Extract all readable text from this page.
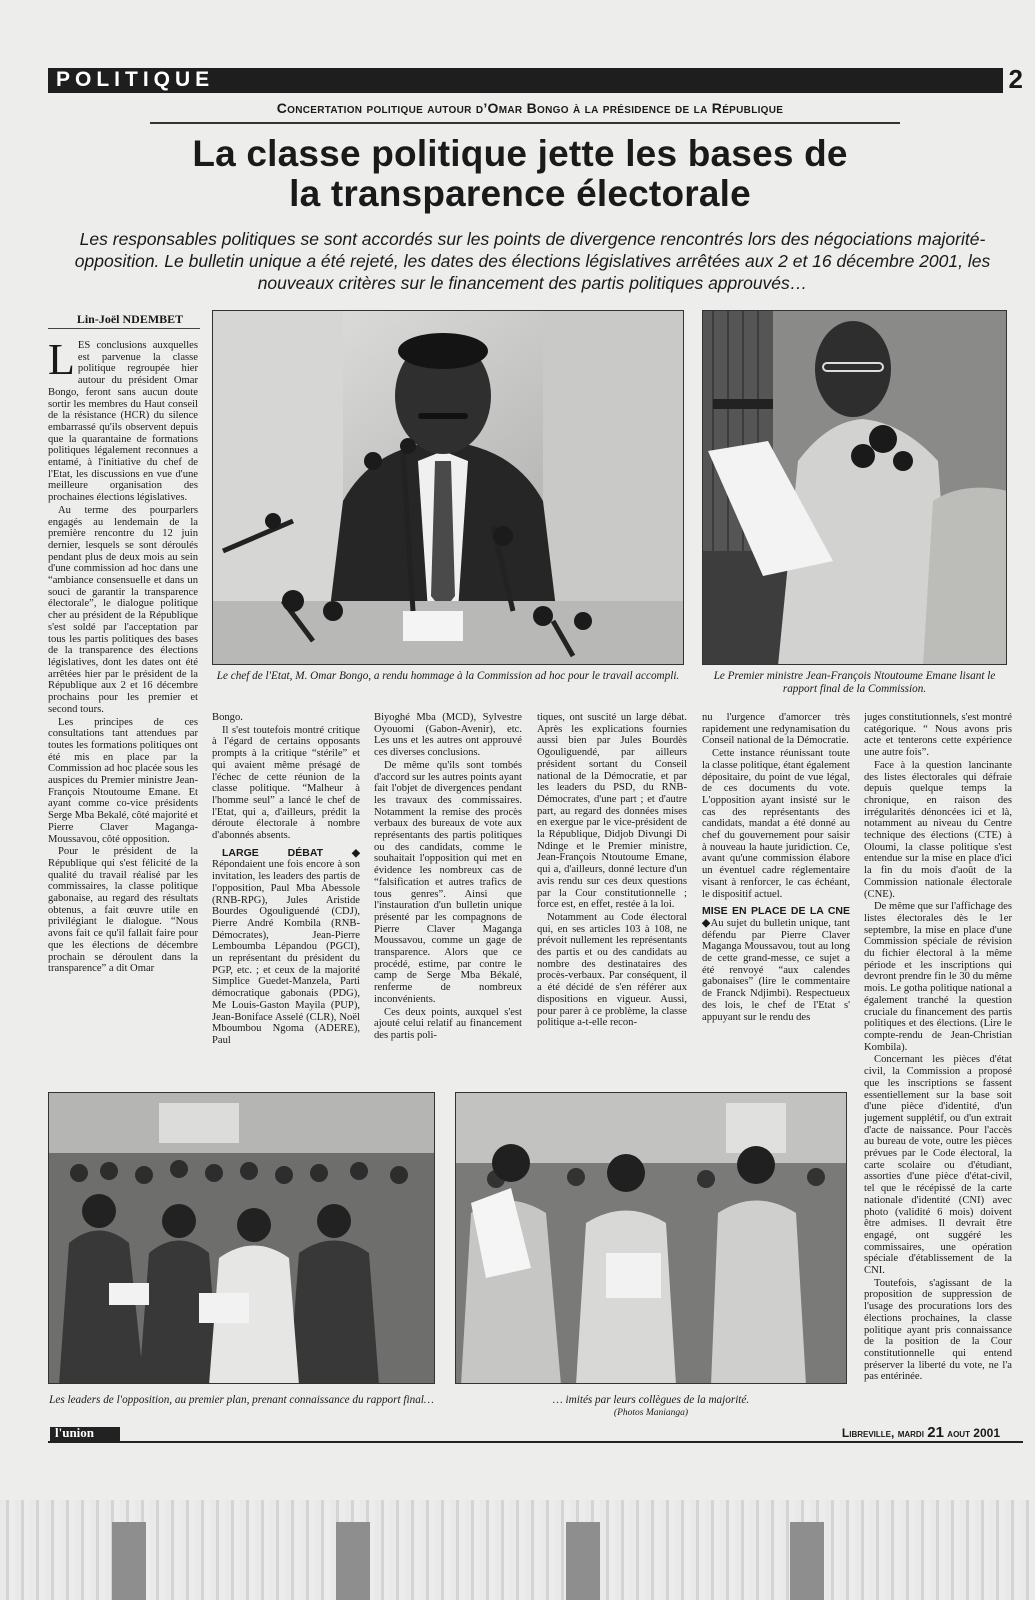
POLITIQUE	2
Concertation politique autour d’Omar Bongo à la présidence de la République
La classe politique jette les bases de
la transparence électorale
Les responsables politiques se sont accordés sur les points de divergence rencontrés lors des négociations majorité-opposition. Le bulletin unique a été rejeté, les dates des élections législatives arrêtées aux 2 et 16 décembre 2001, les nouveaux critères sur le financement des partis politiques approuvés…
Lin-Joël NDEMBET

LES conclusions auxquelles est parvenue la classe politique regroupée hier autour du président Omar Bongo, feront sans aucun doute sortir les membres du Haut conseil de la résistance (HCR) du silence embarrassé qu'ils observent depuis que la quarantaine de formations politiques légalement reconnues a entamé, à l'initiative du chef de l'Etat, les discussions en vue d'une meilleure organisation des prochaines élections législatives.

Au terme des pourparlers engagés au lendemain de la première rencontre du 12 juin dernier, lesquels se sont déroulés pendant plus de deux mois au sein d'une commission ad hoc dans une “ambiance consensuelle et dans un souci de garantir la transparence électorale”, le dialogue politique cher au président de la République s'est soldé par l'acceptation par tous les partis politiques des bases de la transparence des élections législatives, dont les dates ont été arrêtées hier par le président de la République aux 2 et 16 décembre prochains pour les premier et second tours.

Les principes de ces consultations tant attendues par toutes les formations politiques ont été mis en place par la Commission ad hoc placée sous les auspices du Premier ministre Jean-François Ntoutoume Emane. Et ayant comme co-vice présidents Serge Mba Bekalé, côté majorité et Pierre Claver Maganga- Moussavou, côté opposition.

Pour le président de la République qui s'est félicité de la qualité du travail réalisé par les commissaires, la classe politique gabonaise, au regard des résultats obtenus, a fait œuvre utile en privilégiant le dialogue. “Nous avons fait ce qu'il fallait faire pour que les élections de décembre prochain se déroulent dans la transparence” a dit Omar

Le chef de l'Etat, M. Omar Bongo, a rendu hommage à la Commission ad hoc pour le travail accompli.	Le Premier ministre Jean-François Ntoutoume Emane lisant le rapport final de la Commission.

Bongo.

Il s'est toutefois montré critique à l'égard de certains opposants prompts à la critique “stérile” et qui avaient même présagé de l'échec de cette réunion de la classe politique. “Malheur à l'homme seul” a lancé le chef de l'Etat, qui a, d'ailleurs, prédit la déroute électorale à nombre d'abonnés absents.

LARGE DÉBAT ◆ Répondaient une fois encore à son invitation, les leaders des partis de l'opposition, Paul Mba Abessole (RNB-RPG), Jules Aristide Bourdes Ogouliguendé (CDJ), Pierre André Kombila (RNB-Démocrates), Jean-Pierre Lemboumba Lépandou (PGCI), un représentant du président du PGP, etc. ; et ceux de la majorité Simplice Guedet-Manzela, Parti démocratique gabonais (PDG), Me Louis-Gaston Mayila (PUP), Jean-Boniface Asselé (CLR), Noël Mboumbou Ngoma (ADERE), Paul

Biyoghé Mba (MCD), Sylvestre Oyouomi (Gabon-Avenir), etc. Les uns et les autres ont approuvé ces diverses conclusions.

De même qu'ils sont tombés d'accord sur les autres points ayant fait l'objet de divergences pendant les travaux des commissaires. Notamment la remise des procès verbaux des bureaux de vote aux représentants des partis politiques ou des candidats, comme le souhaitait l'opposition qui met en évidence les nombreux cas de “falsification et autres trafics de tous genres”. Ainsi que l'instauration d'un bulletin unique présenté par les compagnons de Pierre Claver Maganga Moussavou, comme un gage de transparence. Alors que ce procédé, estime, par contre le camp de Serge Mba Békalé, renferme de nombreux inconvénients.

Ces deux points, auxquel s'est ajouté celui relatif au financement des partis poli-

tiques, ont suscité un large débat. Après les explications fournies aussi bien par Jules Bourdès Ogouliguendé, par ailleurs président sortant du Conseil national de la Démocratie, et par les leaders du PSD, du RNB-Démocrates, d'une part ; et d'autre part, au regard des données mises en exergue par le vice-président de la République, Didjob Divungi Di Ndinge et le Premier ministre, Jean-François Ntoutoume Emane, qui a, d'ailleurs, donné lecture d'un avis rendu sur ces deux questions par la Cour constitutionnelle ; force est, en effet, restée à la loi.

Notamment au Code électoral qui, en ses articles 103 à 108, ne prévoit nullement les représentants des partis et ou des candidats au nombre des destinataires des procès-verbaux. Par conséquent, il a été décidé de s'en référer aux dispositions en vigueur. Aussi, pour parer à ce problème, la classe politique a-t-elle recon-

nu l'urgence d'amorcer très rapidement une redynamisation du Conseil national de la Démocratie.

Cette instance réunissant toute la classe politique, étant également dépositaire, du point de vue légal, de ces documents du vote. L'opposition ayant insisté sur le cas des représentants des candidats, mandat a été donné au chef du gouvernement pour saisir à nouveau la haute juridiction. Ce, avant qu'une commission élabore un éventuel cadre réglementaire visant à renforcer, le cas échéant, le dispositif actuel.

MISE EN PLACE DE LA CNE ◆Au sujet du bulletin unique, tant défendu par Pierre Claver Maganga Moussavou, tout au long de cette grand-messe, ce sujet a été renvoyé “aux calendes gabonaises” (lire le commentaire de Franck Ndjimbi). Respectueux des lois, le chef de l'Etat s' appuyant sur le rendu des

juges constitutionnels, s'est montré catégorique. “ Nous avons pris acte et tenterons cette expérience une autre fois”.

Face à la question lancinante des listes électorales qui défraie depuis quelque temps la chronique, en raison des irrégularités dénoncées ici et là, notamment au niveau du Centre technique des élections (CTE) à Oloumi, la classe politique s'est entendue sur la mise en place d'ici la fin du mois d'août de la Commission nationale électorale (CNE).

De même que sur l'affichage des listes électorales dès le 1er septembre, la mise en place d'une Commission spéciale de révision du fichier électoral à la même période et les inscriptions qui devront prendre fin le 30 du même mois. Le gotha politique national a également tranché la question cruciale du financement des partis politiques et des élections. (Lire le compte-rendu de Jean-Christian Kombila).

Concernant les pièces d'état civil, la Commission a proposé que les inscriptions se fassent essentiellement sur la base soit d'une pièce d'identité, d'un jugement supplétif, ou d'un extrait d'acte de naissance. Pour l'accès au bureau de vote, outre les pièces prévues par le Code électoral, la carte scolaire ou d'étudiant, assorties d'une pièce d'état-civil, tel que le récépissé de la carte nationale d'identité (CNI) avec photo (validité 6 mois) doivent être admises. Il devrait être engagé, ont suggéré les commissaires, une opération spéciale d'établissement de la CNI.

Toutefois, s'agissant de la proposition de suppression de l'usage des procurations lors des élections prochaines, la classe politique ayant pris connaissance de la position de la Cour constitutionnelle qui entend préserver la liberté du vote, ne l'a pas entérinée.

Les leaders de l'opposition, au premier plan, prenant connaissance du rapport final…	… imités par leurs collègues de la majorité.
(Photos Manianga)
l'union	Libreville, mardi 21 aout 2001
